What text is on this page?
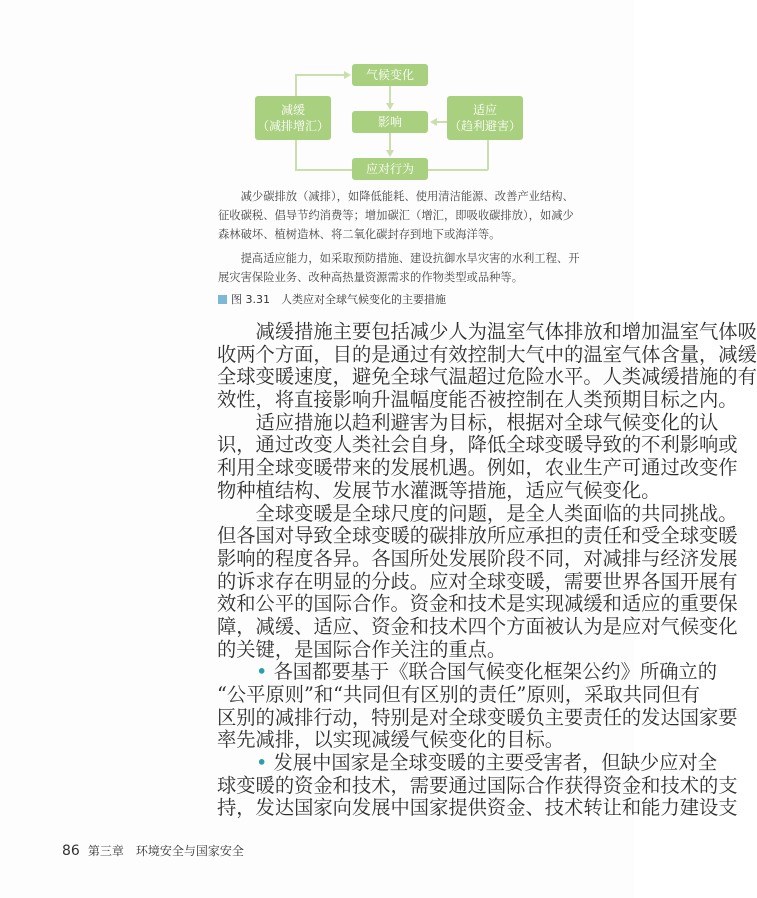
气候变化
影响
应对行为
减缓
（减排增汇）
适应
（趋利避害）
　　减少碳排放（减排），如降低能耗、使用清洁能源、改善产业结构、
征收碳税、倡导节约消费等；增加碳汇（增汇，即吸收碳排放），如减少
森林破坏、植树造林、将二氧化碳封存到地下或海洋等。
　　提高适应能力，如采取预防措施、建设抗御水旱灾害的水利工程、开
展灾害保险业务、改种高热量资源需求的作物类型或品种等。
图 3.31　人类应对全球气候变化的主要措施
　　减缓措施主要包括减少人为温室气体排放和增加温室气体吸
收两个方面，目的是通过有效控制大气中的温室气体含量，减缓
全球变暖速度，避免全球气温超过危险水平。人类减缓措施的有
效性，将直接影响升温幅度能否被控制在人类预期目标之内。
　　适应措施以趋利避害为目标，根据对全球气候变化的认
识，通过改变人类社会自身，降低全球变暖导致的不利影响或
利用全球变暖带来的发展机遇。例如，农业生产可通过改变作
物种植结构、发展节水灌溉等措施，适应气候变化。
　　全球变暖是全球尺度的问题，是全人类面临的共同挑战。
但各国对导致全球变暖的碳排放所应承担的责任和受全球变暖
影响的程度各异。各国所处发展阶段不同，对减排与经济发展
的诉求存在明显的分歧。应对全球变暖，需要世界各国开展有
效和公平的国际合作。资金和技术是实现减缓和适应的重要保
障，减缓、适应、资金和技术四个方面被认为是应对气候变化
的关键，是国际合作关注的重点。
• 各国都要基于《联合国气候变化框架公约》所确立的
“公平原则”和“共同但有区别的责任”原则，采取共同但有
区别的减排行动，特别是对全球变暖负主要责任的发达国家要
率先减排，以实现减缓气候变化的目标。
• 发展中国家是全球变暖的主要受害者，但缺少应对全
球变暖的资金和技术，需要通过国际合作获得资金和技术的支
持，发达国家向发展中国家提供资金、技术转让和能力建设支
86 第三章　环境安全与国家安全
